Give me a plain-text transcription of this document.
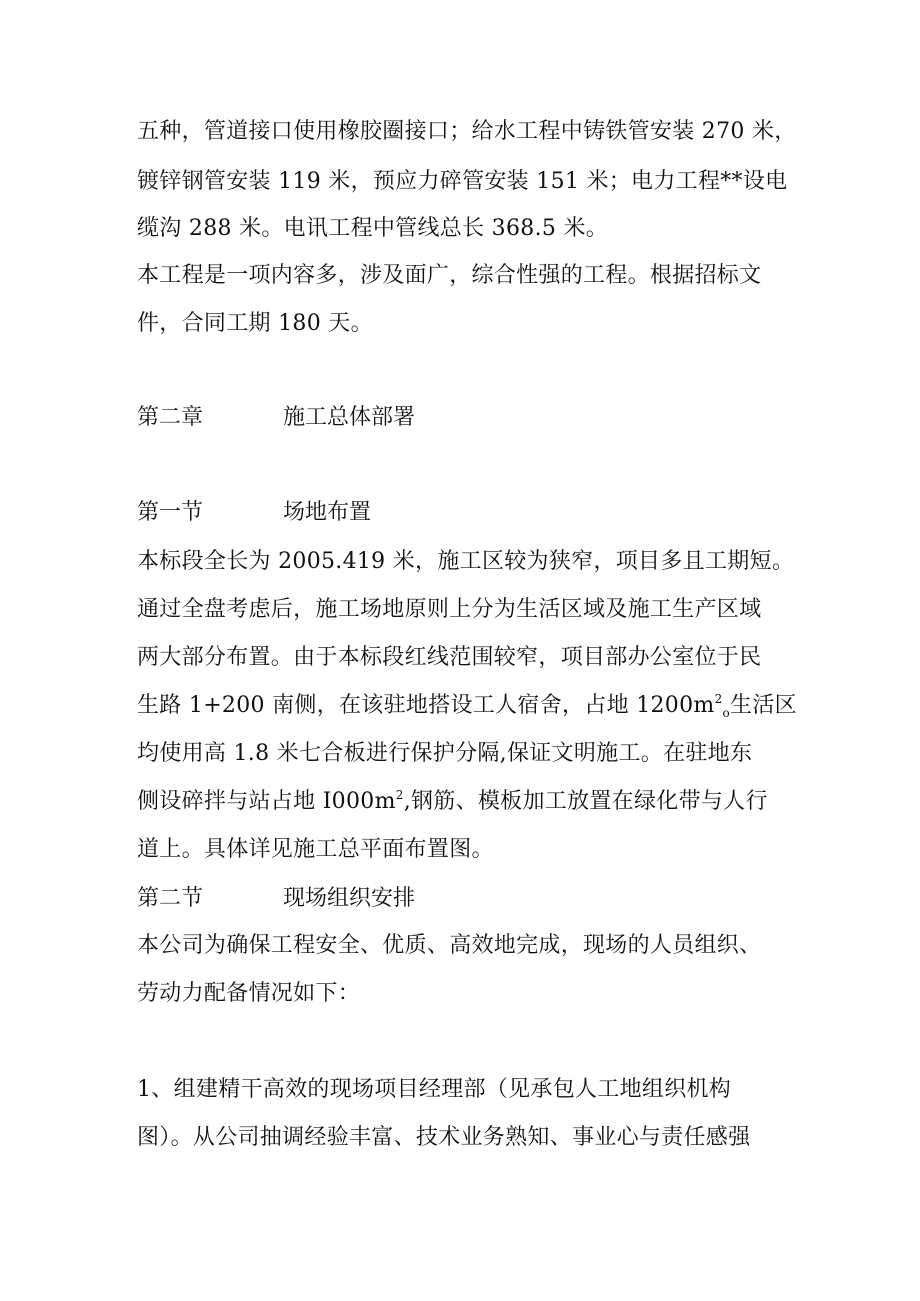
五种，管道接口使用橡胶圈接口；给水工程中铸铁管安装 270 米，
镀锌钢管安装 119 米，预应力碎管安装 151 米；电力工程**设电
缆沟 288 米。电讯工程中管线总长 368.5 米。
本工程是一项内容多，涉及面广，综合性强的工程。根据招标文
件，合同工期 180 天。
第二章	施工总体部署
第一节	场地布置
本标段全长为 2005.419 米，施工区较为狭窄，项目多且工期短。
通过全盘考虑后，施工场地原则上分为生活区域及施工生产区域
两大部分布置。由于本标段红线范围较窄，项目部办公室位于民
生路 1+200 南侧，在该驻地搭设工人宿舍，占地 $1200m^2_o$生活区
均使用高 1.8 米七合板进行保护分隔,保证文明施工。在驻地东
侧设碎拌与站占地 $I000m^2$,钢筋、模板加工放置在绿化带与人行
道上。具体详见施工总平面布置图。
第二节	现场组织安排
本公司为确保工程安全、优质、高效地完成，现场的人员组织、
劳动力配备情况如下：
1、组建精干高效的现场项目经理部（见承包人工地组织机构
图）。从公司抽调经验丰富、技术业务熟知、事业心与责任感强
